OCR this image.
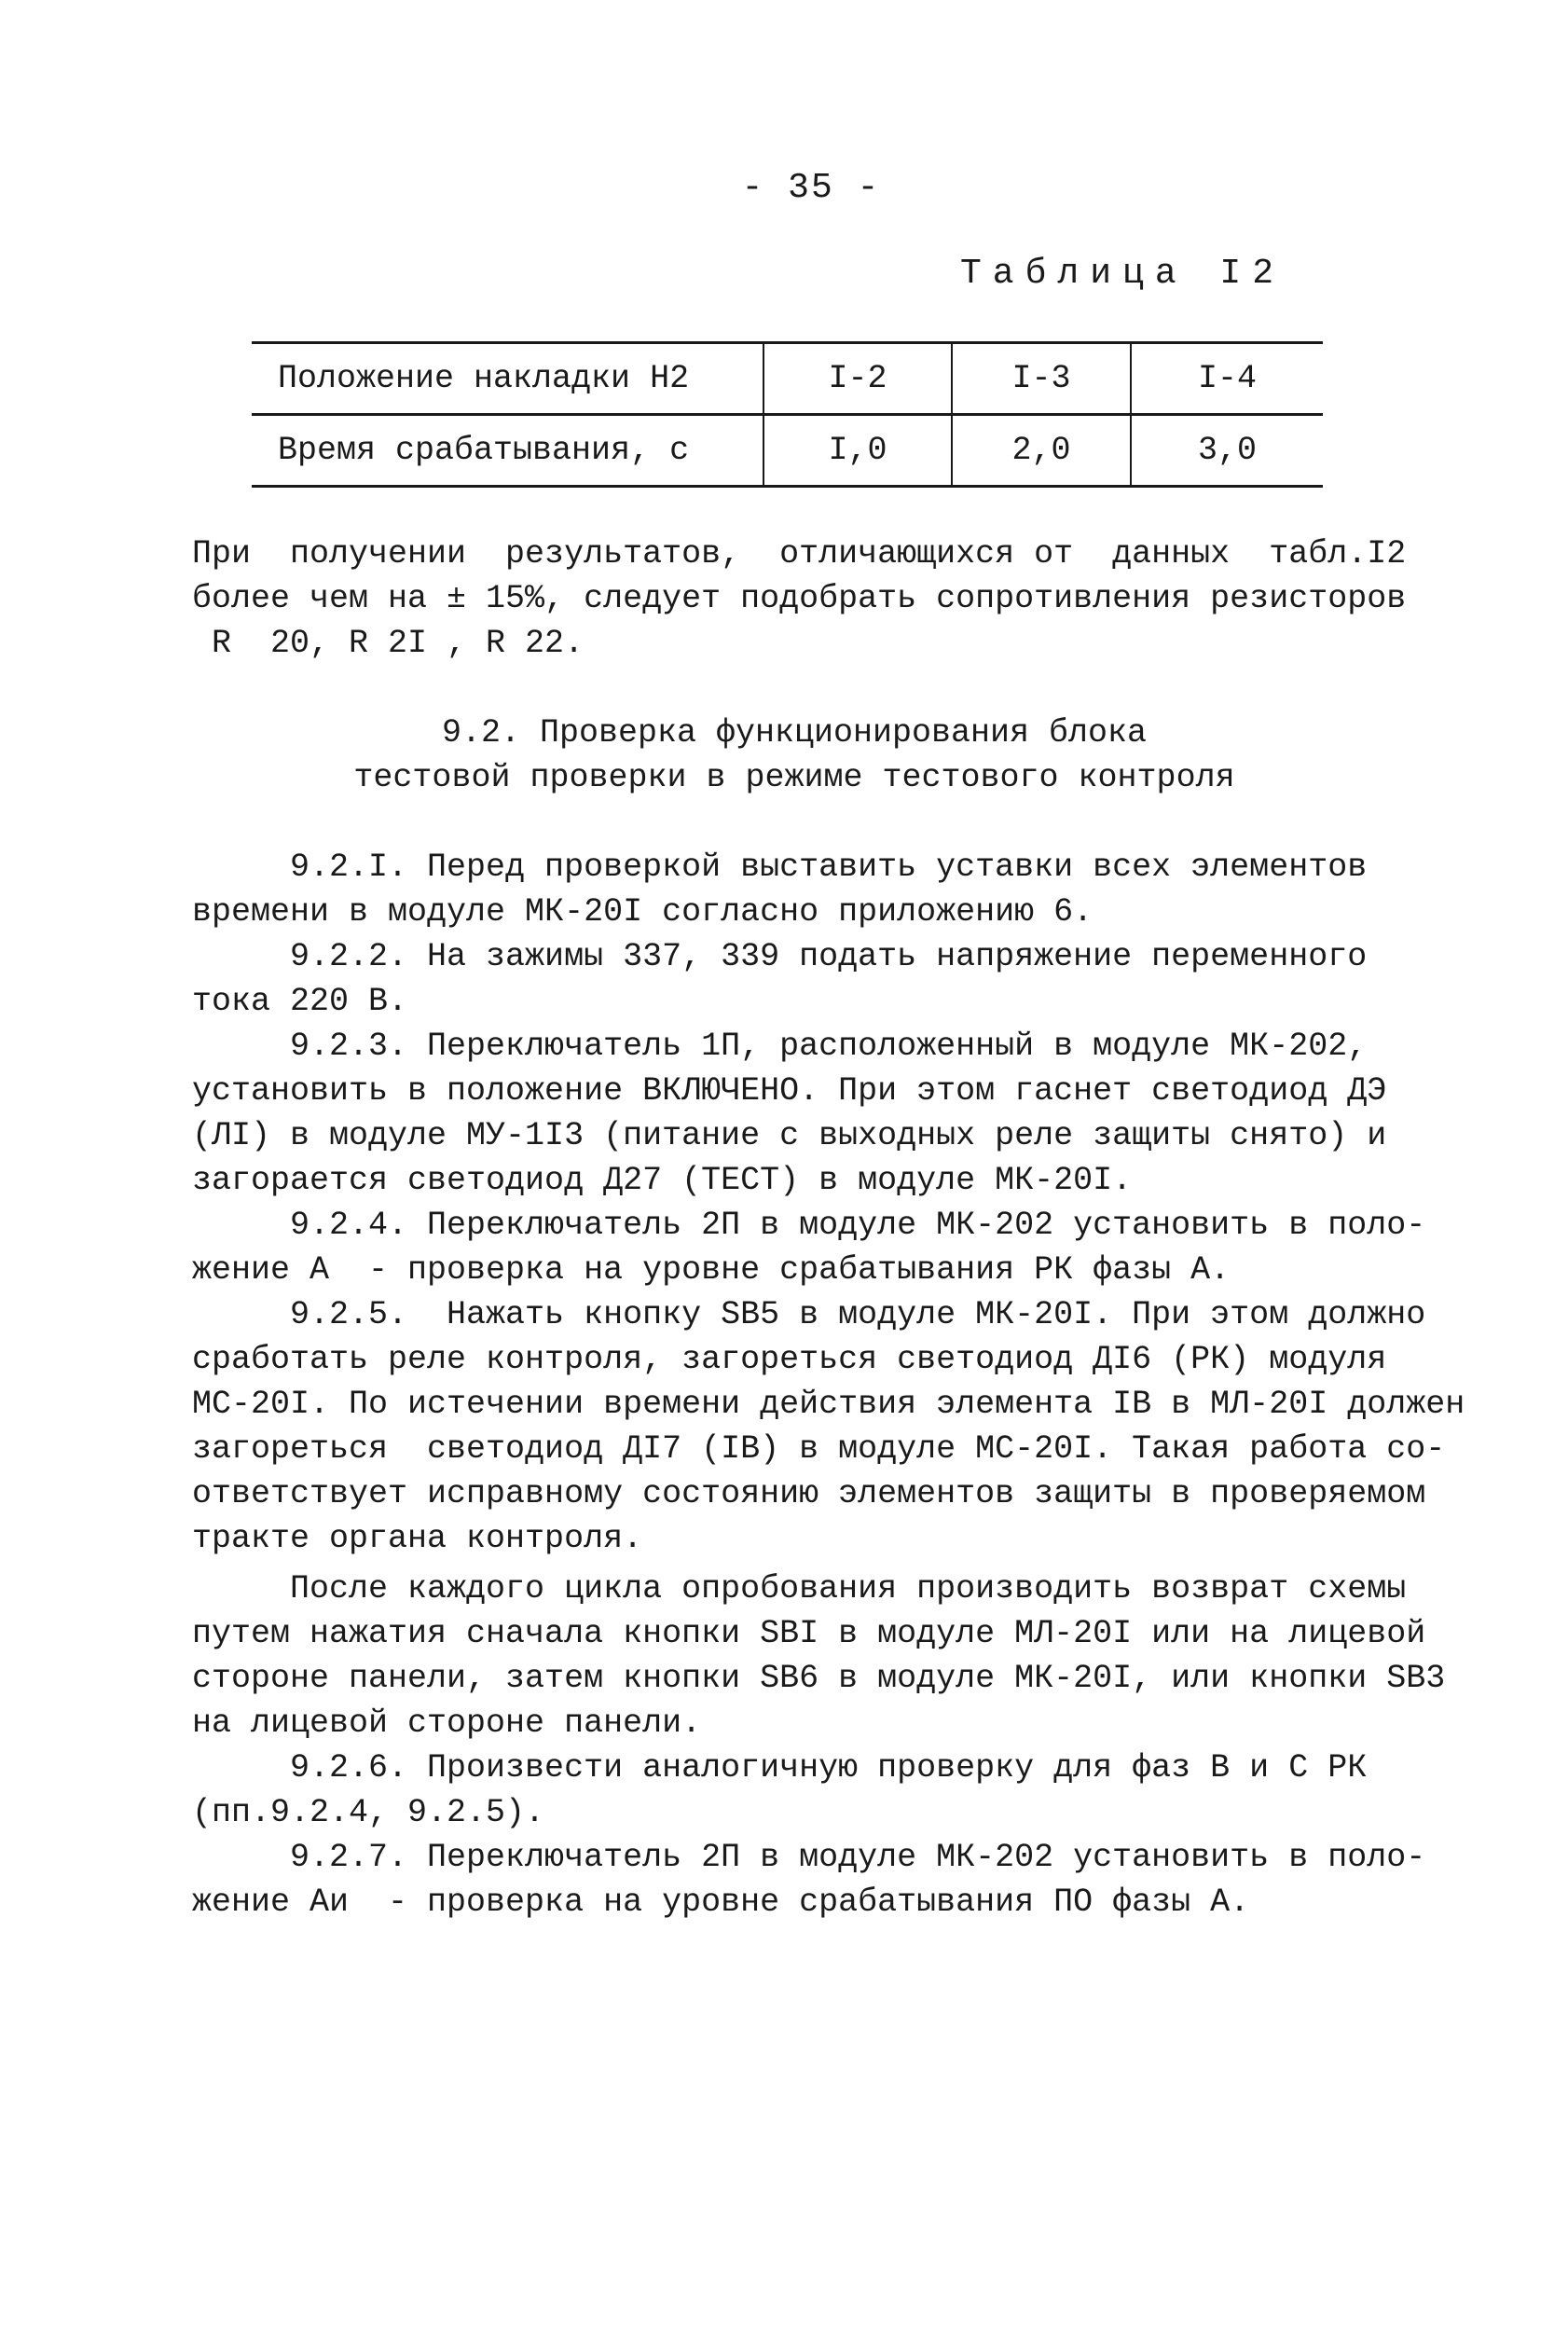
- 35 -
Таблица I2
Положение накладки Н2	I-2	I-3	I-4
Время срабатывания, с	I,0	2,0	3,0
При  получении  результатов,  отличающихся от  данных  табл.I2
более чем на ± 15%, следует подобрать сопротивления резисторов
R  20, R 2I , R 22.
9.2. Проверка функционирования блока
тестовой проверки в режиме тестового контроля
9.2.I. Перед проверкой выставить уставки всех элементов
времени в модуле МК-20I согласно приложению 6.
9.2.2. На зажимы 337, 339 подать напряжение переменного
тока 220 В.
9.2.3. Переключатель 1П, расположенный в модуле МК-202,
установить в положение ВКЛЮЧЕНО. При этом гаснет светодиод ДЭ
(ЛI) в модуле МУ-1I3 (питание с выходных реле защиты снято) и
загорается светодиод Д27 (ТЕСТ) в модуле МК-20I.
9.2.4. Переключатель 2П в модуле МК-202 установить в поло-
жение А  - проверка на уровне срабатывания РК фазы А.
9.2.5.  Нажать кнопку SB5 в модуле МК-20I. При этом должно
сработать реле контроля, загореться светодиод ДI6 (РК) модуля
МС-20I. По истечении времени действия элемента IВ в МЛ-20I должен
загореться  светодиод ДI7 (IВ) в модуле МС-20I. Такая работа со-
ответствует исправному состоянию элементов защиты в проверяемом
тракте органа контроля.
После каждого цикла опробования производить возврат схемы
путем нажатия сначала кнопки SBI в модуле МЛ-20I или на лицевой
стороне панели, затем кнопки SB6 в модуле МК-20I, или кнопки SB3
на лицевой стороне панели.
9.2.6. Произвести аналогичную проверку для фаз В и С РК
(пп.9.2.4, 9.2.5).
9.2.7. Переключатель 2П в модуле МК-202 установить в поло-
жение Аи  - проверка на уровне срабатывания ПО фазы А.
